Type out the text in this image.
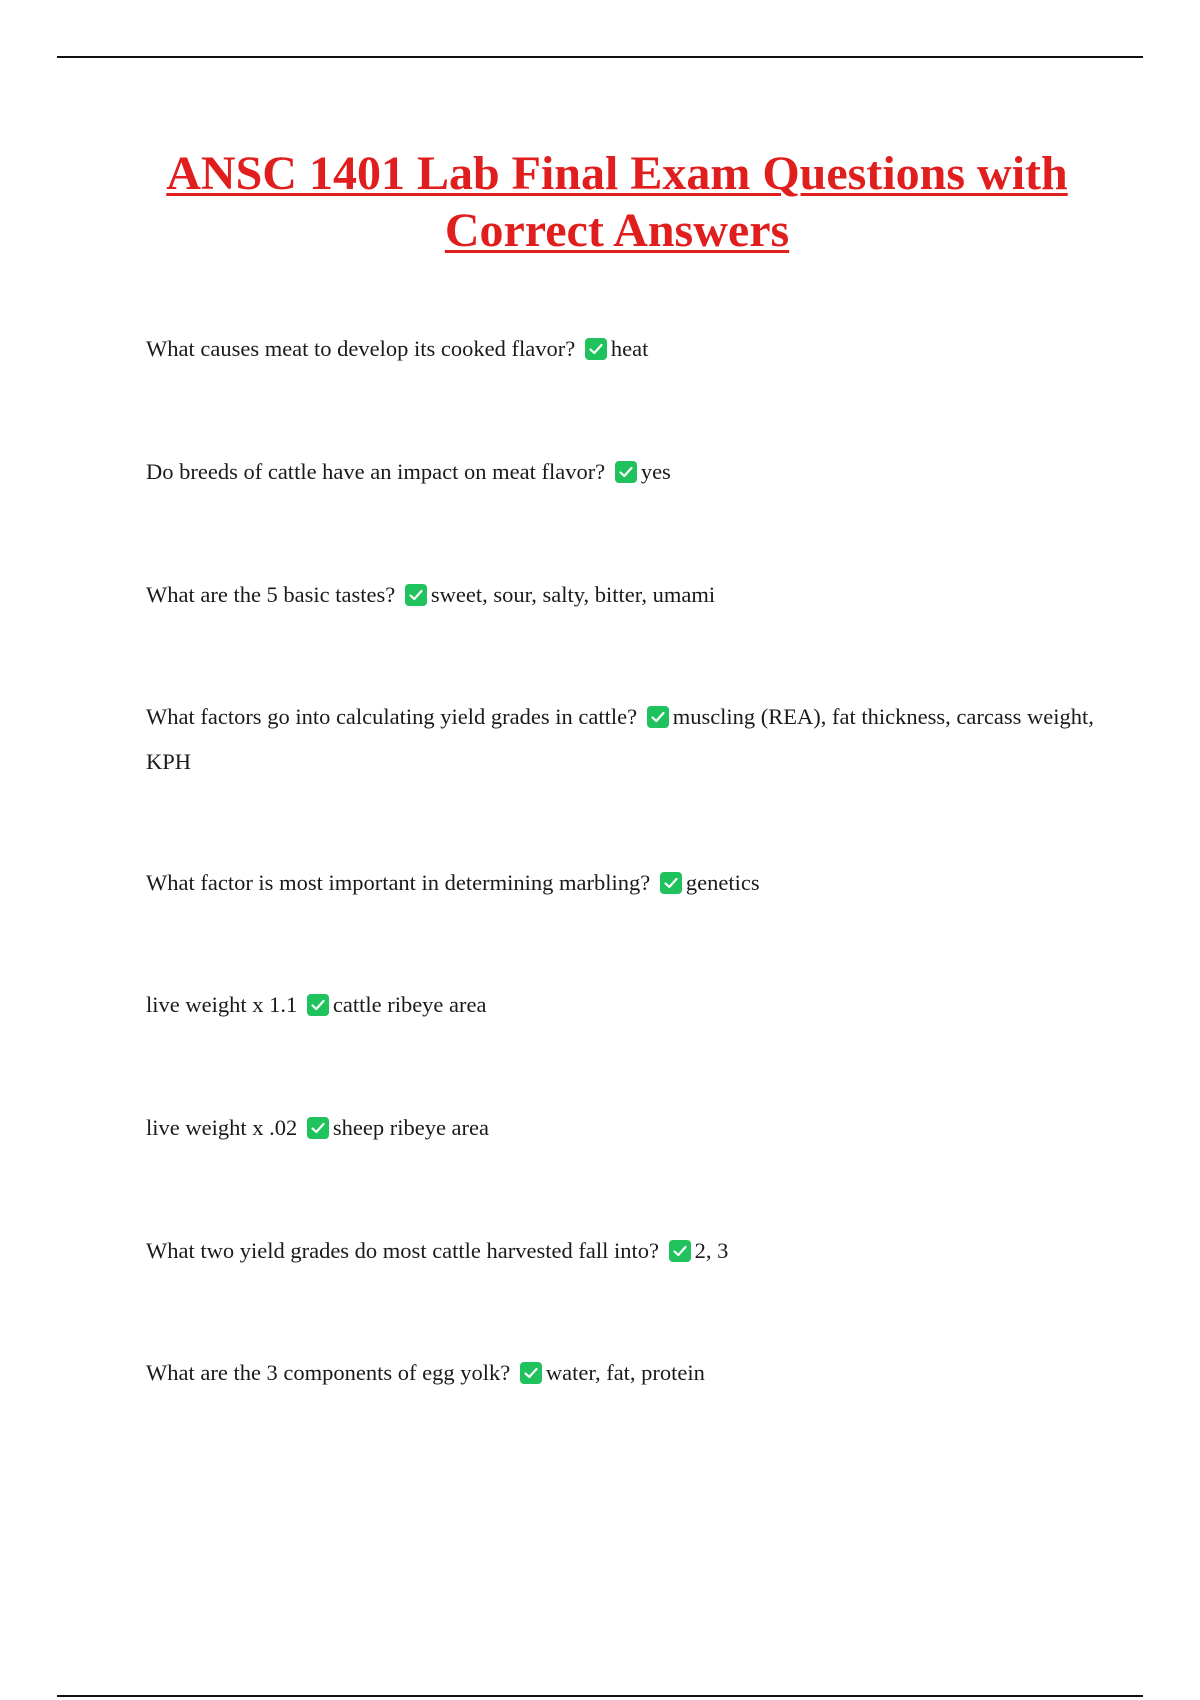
ANSC 1401 Lab Final Exam Questions with Correct Answers

What causes meat to develop its cooked flavor? heat

Do breeds of cattle have an impact on meat flavor? yes

What are the 5 basic tastes? sweet, sour, salty, bitter, umami

What factors go into calculating yield grades in cattle? muscling (REA), fat thickness, carcass weight, KPH

What factor is most important in determining marbling? genetics

live weight x 1.1 cattle ribeye area

live weight x .02 sheep ribeye area

What two yield grades do most cattle harvested fall into? 2, 3

What are the 3 components of egg yolk? water, fat, protein
